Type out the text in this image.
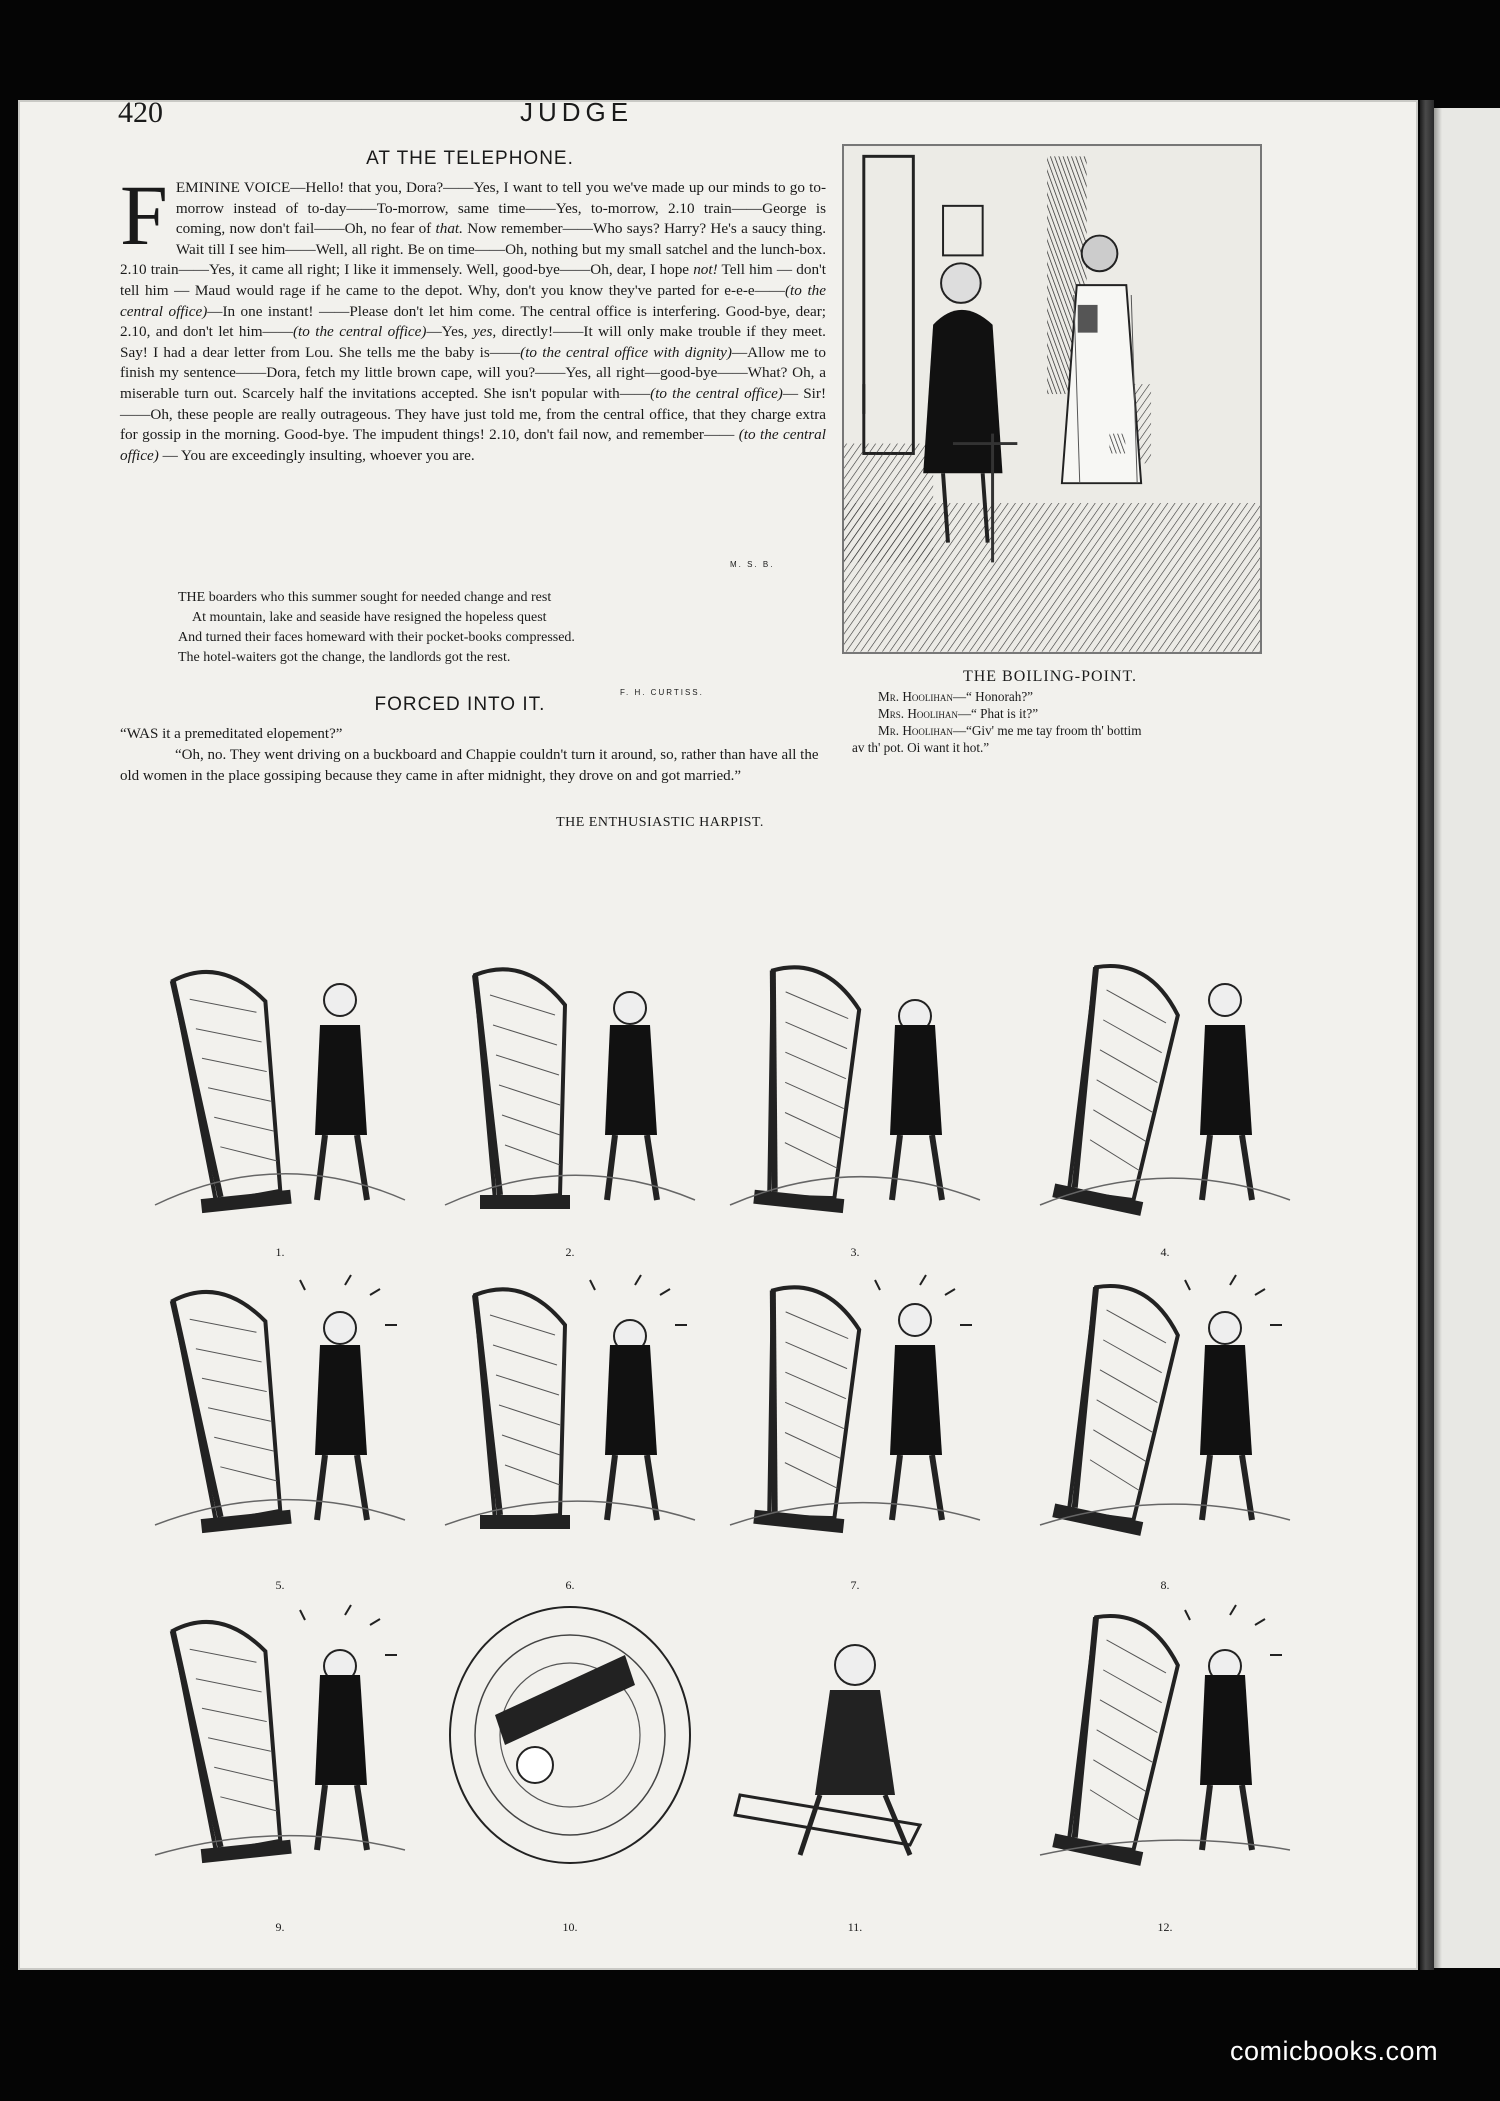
420	JUDGE
AT THE TELEPHONE.

FEMININE VOICE—Hello! that you, Dora?——Yes, I want to tell you we've made up our minds to go to-morrow instead of to-day——To-morrow, same time——Yes, to-morrow, 2.10 train——George is coming, now don't fail——Oh, no fear of that. Now remember——Who says? Harry? He's a saucy thing. Wait till I see him——Well, all right. Be on time——Oh, nothing but my small satchel and the lunch-box. 2.10 train——Yes, it came all right; I like it immensely. Well, good-bye——Oh, dear, I hope not! Tell him — don't tell him — Maud would rage if he came to the depot. Why, don't you know they've parted for e-e-e——(to the central office)—In one instant! ——Please don't let him come. The central office is interfering. Good-bye, dear; 2.10, and don't let him——(to the central office)—Yes, yes, directly!——It will only make trouble if they meet. Say! I had a dear letter from Lou. She tells me the baby is——(to the central office with dignity)—Allow me to finish my sentence——Dora, fetch my little brown cape, will you?——Yes, all right—good-bye——What? Oh, a miserable turn out. Scarcely half the invitations accepted. She isn't popular with——(to the central office)— Sir! ——Oh, these people are really outrageous. They have just told me, from the central office, that they charge extra for gossip in the morning. Good-bye. The impudent things! 2.10, don't fail now, and remember—— (to the central office) — You are exceedingly insulting, whoever you are.

M. S. B.

THE boarders who this summer sought for needed change and rest

At mountain, lake and seaside have resigned the hopeless quest

And turned their faces homeward with their pocket-books compressed.

The hotel-waiters got the change, the landlords got the rest.

F. H. CURTISS.
FORCED INTO IT.
“WAS it a premeditated elopement?”
“Oh, no. They went driving on a buckboard and Chappie couldn't turn it around, so, rather than have all the old women in the place gossiping because they came in after midnight, they drove on and got married.”
THE BOILING-POINT.
Mr. Hoolihan—“ Honorah?”
Mrs. Hoolihan—“ Phat is it?”
Mr. Hoolihan—“Giv' me me tay froom th' bottim
av th' pot. Oi want it hot.”
THE ENTHUSIASTIC HARPIST.
1.	2.	3.	4.
5.	6.	7.	8.
9.	10.	11.	12.
comicbooks.com
